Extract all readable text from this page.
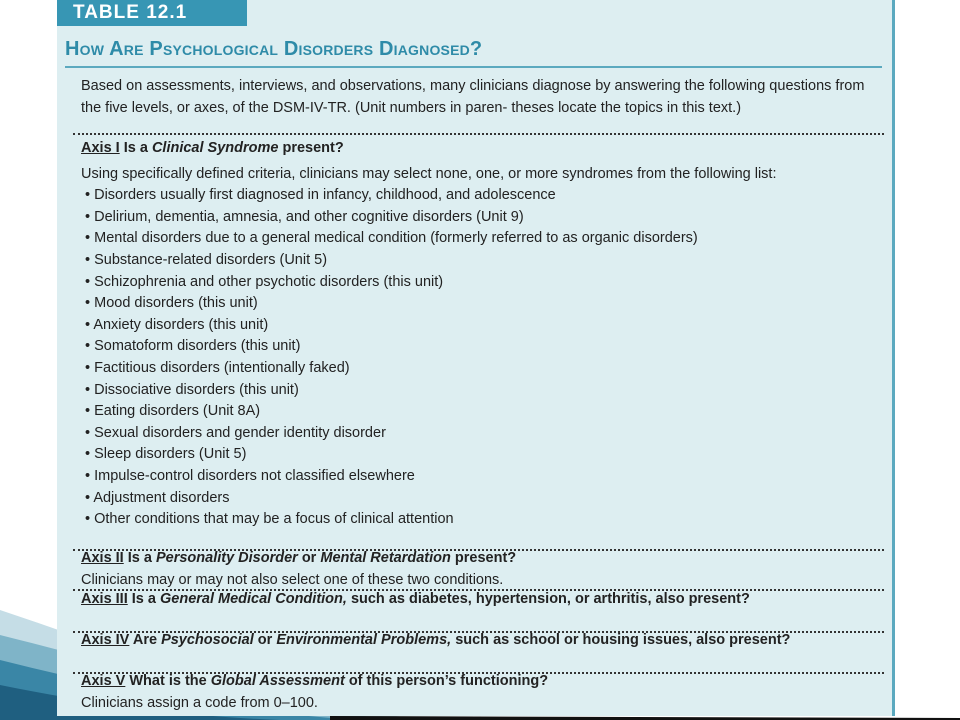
TABLE 12.1
How Are Psychological Disorders Diagnosed?
Based on assessments, interviews, and observations, many clinicians diagnose by answering the following questions from the five levels, or axes, of the DSM-IV-TR. (Unit numbers in paren- theses locate the topics in this text.)
Axis I Is a Clinical Syndrome present?
Using specifically defined criteria, clinicians may select none, one, or more syndromes from the following list:
• Disorders usually first diagnosed in infancy, childhood, and adolescence
• Delirium, dementia, amnesia, and other cognitive disorders (Unit 9)
• Mental disorders due to a general medical condition (formerly referred to as organic disorders)
• Substance-related disorders (Unit 5)
• Schizophrenia and other psychotic disorders (this unit)
• Mood disorders (this unit)
• Anxiety disorders (this unit)
• Somatoform disorders (this unit)
• Factitious disorders (intentionally faked)
• Dissociative disorders (this unit)
• Eating disorders (Unit 8A)
• Sexual disorders and gender identity disorder
• Sleep disorders (Unit 5)
• Impulse-control disorders not classified elsewhere
• Adjustment disorders
• Other conditions that may be a focus of clinical attention
Axis II Is a Personality Disorder or Mental Retardation present?
Clinicians may or may not also select one of these two conditions.
Axis III Is a General Medical Condition, such as diabetes, hypertension, or arthritis, also present?
Axis IV Are Psychosocial or Environmental Problems, such as school or housing issues, also present?
Axis V What is the Global Assessment of this person’s functioning?
Clinicians assign a code from 0–100.
